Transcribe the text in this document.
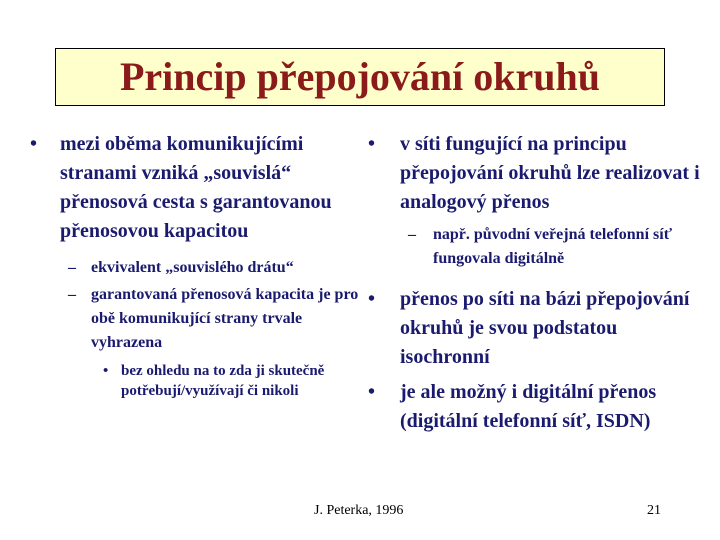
Princip přepojování okruhů
• mezi oběma komunikujícími stranami vzniká „souvislá“ přenosová cesta s garantovanou přenosovou kapacitou
– ekvivalent „souvislého drátu“
– garantovaná přenosová kapacita je pro obě komunikující strany trvale vyhrazena
• bez ohledu na to zda ji skutečně potřebují/využívají či nikoli
• v síti fungující na principu přepojování okruhů lze realizovat i analogový přenos
– např. původní veřejná telefonní síť fungovala digitálně
• přenos po síti na bázi přepojování okruhů je svou podstatou isochronní
• je ale možný i digitální přenos (digitální telefonní síť, ISDN)
J. Peterka, 1996	21
